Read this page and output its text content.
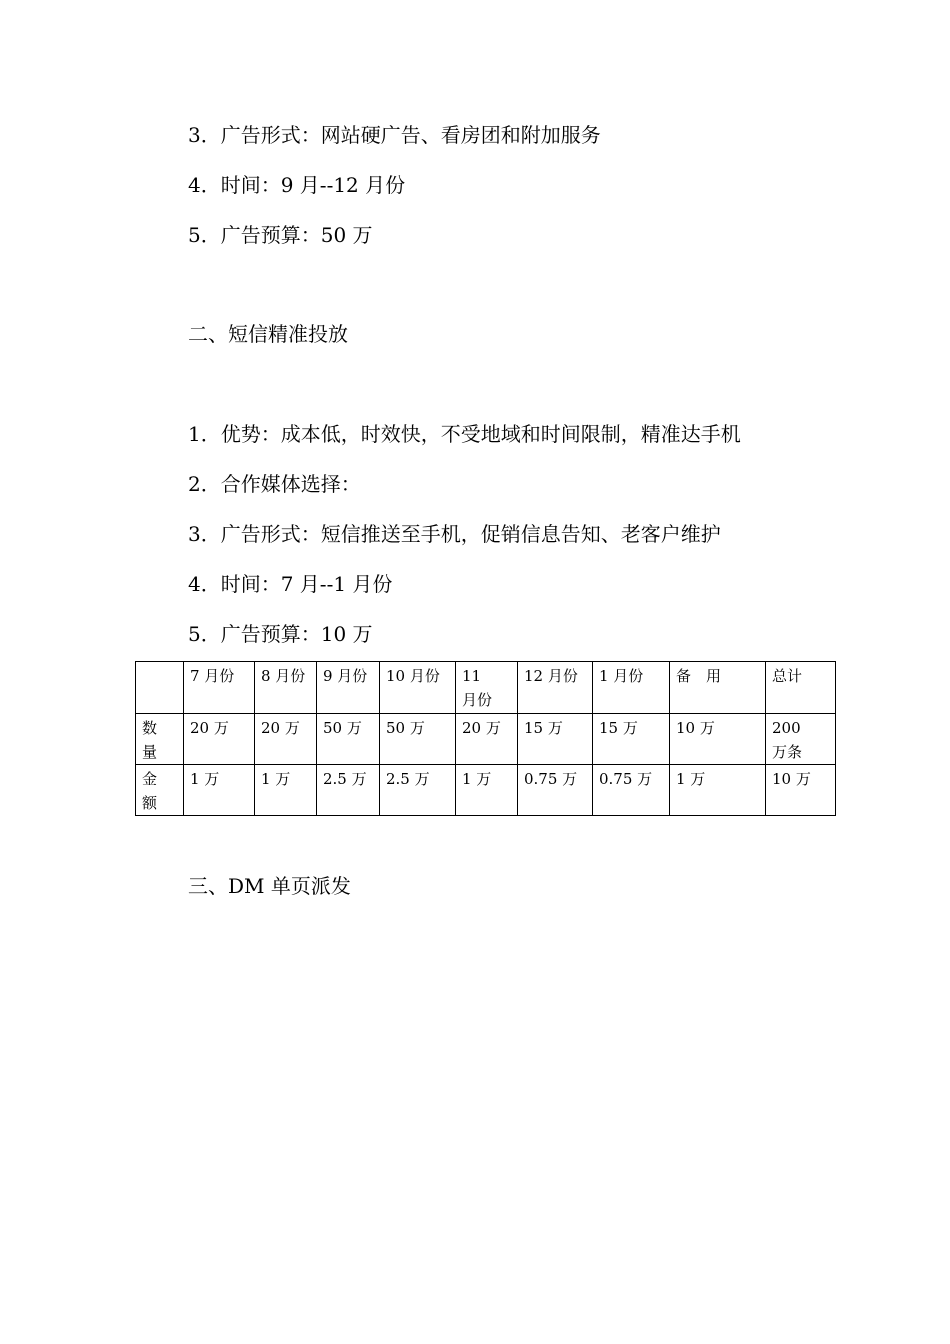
3．广告形式：网站硬广告、看房团和附加服务
4．时间：9 月--12 月份
5．广告预算：50 万
二、短信精准投放
1．优势：成本低，时效快，不受地域和时间限制，精准达手机
2．合作媒体选择：
3．广告形式：短信推送至手机，促销信息告知、老客户维护
4．时间：7 月--1 月份
5．广告预算：10 万
	7 月份	8 月份	9 月份	10 月份	11　月份	12 月份	1 月份	备　用	总计
数量	20 万	20 万	50 万	50 万	20 万	15 万	15 万	10 万	200　万条
金额	1 万	1 万	2.5 万	2.5 万	1 万	0.75 万	0.75 万	1 万	10 万
三、DM 单页派发
